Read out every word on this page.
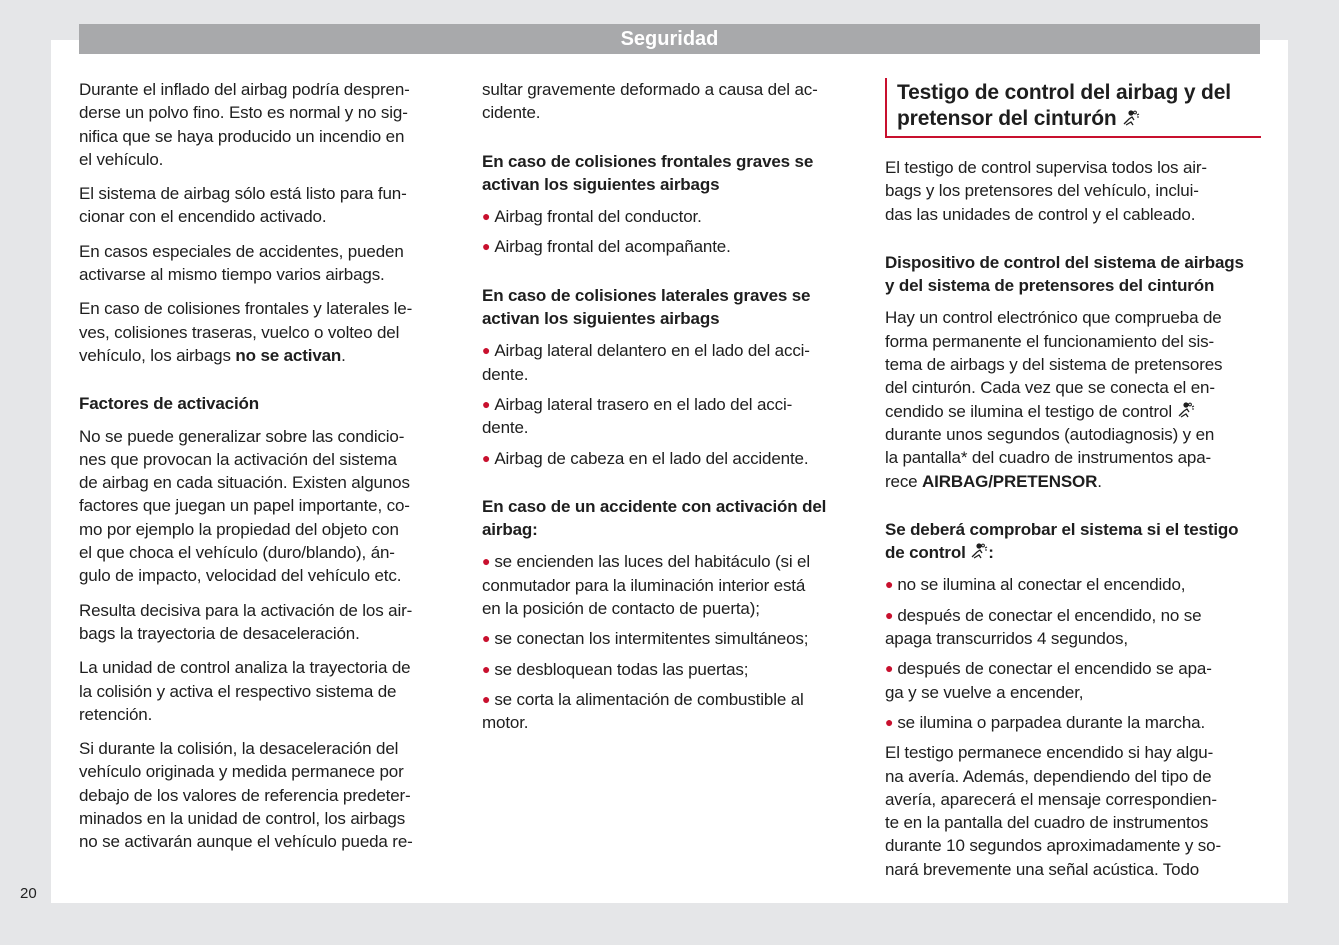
Seguridad
20
Durante el inflado del airbag podría despren-
derse un polvo fino. Esto es normal y no sig-
nifica que se haya producido un incendio en
el vehículo.
El sistema de airbag sólo está listo para fun-
cionar con el encendido activado.
En casos especiales de accidentes, pueden
activarse al mismo tiempo varios airbags.
En caso de colisiones frontales y laterales le-
ves, colisiones traseras, vuelco o volteo del
vehículo, los airbags no se activan.
Factores de activación
No se puede generalizar sobre las condicio-
nes que provocan la activación del sistema
de airbag en cada situación. Existen algunos
factores que juegan un papel importante, co-
mo por ejemplo la propiedad del objeto con
el que choca el vehículo (duro/blando), án-
gulo de impacto, velocidad del vehículo etc.
Resulta decisiva para la activación de los air-
bags la trayectoria de desaceleración.
La unidad de control analiza la trayectoria de
la colisión y activa el respectivo sistema de
retención.
Si durante la colisión, la desaceleración del
vehículo originada y medida permanece por
debajo de los valores de referencia predeter-
minados en la unidad de control, los airbags
no se activarán aunque el vehículo pueda re-
sultar gravemente deformado a causa del ac-
cidente.
En caso de colisiones frontales graves se
activan los siguientes airbags
● Airbag frontal del conductor.
● Airbag frontal del acompañante.
En caso de colisiones laterales graves se
activan los siguientes airbags
● Airbag lateral delantero en el lado del acci-
dente.
● Airbag lateral trasero en el lado del acci-
dente.
● Airbag de cabeza en el lado del accidente.
En caso de un accidente con activación del
airbag:
● se encienden las luces del habitáculo (si el
conmutador para la iluminación interior está
en la posición de contacto de puerta);
● se conectan los intermitentes simultáneos;
● se desbloquean todas las puertas;
● se corta la alimentación de combustible al
motor.
Testigo de control del airbag y del
pretensor del cinturón
El testigo de control supervisa todos los air-
bags y los pretensores del vehículo, inclui-
das las unidades de control y el cableado.
Dispositivo de control del sistema de airbags
y del sistema de pretensores del cinturón
Hay un control electrónico que comprueba de
forma permanente el funcionamiento del sis-
tema de airbags y del sistema de pretensores
del cinturón. Cada vez que se conecta el en-
cendido se ilumina el testigo de control
durante unos segundos (autodiagnosis) y en
la pantalla* del cuadro de instrumentos apa-
rece AIRBAG/PRETENSOR.
Se deberá comprobar el sistema si el testigo
de control :
● no se ilumina al conectar el encendido,
● después de conectar el encendido, no se
apaga transcurridos 4 segundos,
● después de conectar el encendido se apa-
ga y se vuelve a encender,
● se ilumina o parpadea durante la marcha.
El testigo permanece encendido si hay algu-
na avería. Además, dependiendo del tipo de
avería, aparecerá el mensaje correspondien-
te en la pantalla del cuadro de instrumentos
durante 10 segundos aproximadamente y so-
nará brevemente una señal acústica. Todo
